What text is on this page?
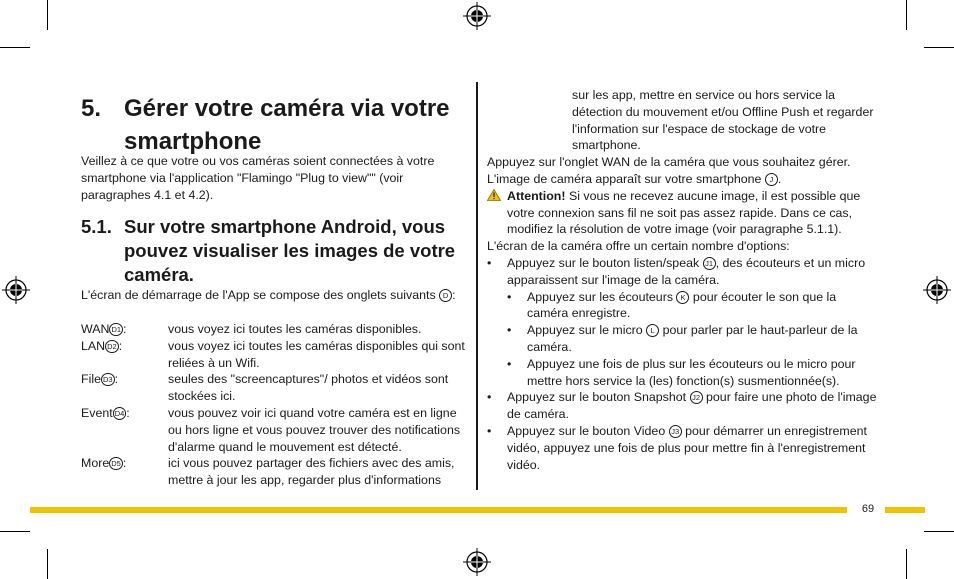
5. Gérer votre caméra via votre smartphone

Veillez à ce que votre ou vos caméras soient connectées à votre smartphone via l'application "Flamingo "Plug to view"" (voir paragraphes 4.1 et 4.2).

5.1. Sur votre smartphone Android, vous pouvez visualiser les images de votre caméra.

L'écran de démarrage de l'App se compose des onglets suivants D :

WAN D1 :	vous voyez ici toutes les caméras disponibles.
LAN D2 :	vous voyez ici toutes les caméras disponibles qui sont reliées à un Wifi.
File D3 :	seules des "screencaptures"/ photos et vidéos sont stockées ici.
Event D4 :	vous pouvez voir ici quand votre caméra est en ligne ou hors ligne et vous pouvez trouver des notifications d'alarme quand le mouvement est détecté.
More D5 :	ici vous pouvez partager des fichiers avec des amis, mettre à jour les app, regarder plus d'informations

sur les app, mettre en service ou hors service la détection du mouvement et/ou Offline Push et regarder l'information sur l'espace de stockage de votre smartphone.

Appuyez sur l'onglet WAN de la caméra que vous souhaitez gérer.

L'image de caméra apparaît sur votre smartphone J .

Attention! Si vous ne recevez aucune image, il est possible que votre connexion sans fil ne soit pas assez rapide. Dans ce cas, modifiez la résolution de votre image (voir paragraphe 5.1.1).

L'écran de la caméra offre un certain nombre d'options:

•	Appuyez sur le bouton listen/speak J1 , des écouteurs et un micro apparaissent sur l'image de la caméra.
•	Appuyez sur les écouteurs K pour écouter le son que la caméra enregistre.
•	Appuyez sur le micro L pour parler par le haut-parleur de la caméra.
•	Appuyez une fois de plus sur les écouteurs ou le micro pour mettre hors service la (les) fonction(s) susmentionnée(s).
•	Appuyez sur le bouton Snapshot J2 pour faire une photo de l'image de caméra.
•	Appuyez sur le bouton Video J3 pour démarrer un enregistrement vidéo, appuyez une fois de plus pour mettre fin à l'enregistrement vidéo.
69
